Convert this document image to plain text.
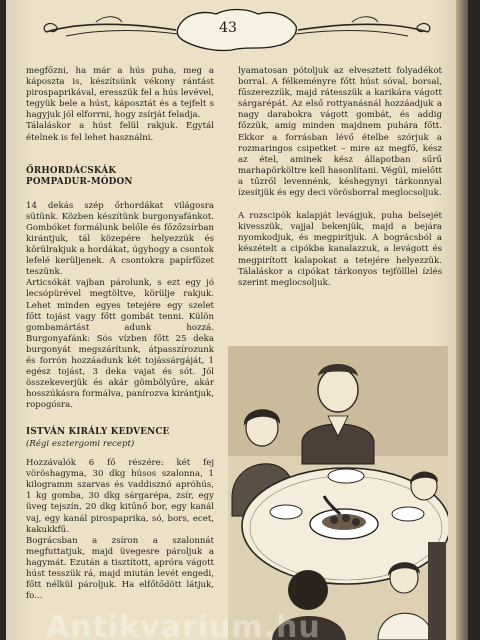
43

megfőzni, ha már a hús puha, meg a káposzta is, készítsünk vékony rántást pirospaprikával, eresszük fel a hús levével, tegyük bele a húst, káposztát és a tejfelt s hagyjuk jól elforrni, hogy zsírját feladja.

Tálaláskor a húst felül rakjuk. Egytál ételnek is fel lehet használni.

ŐRHORDÁCSKÁK
POMPADUR-MÓDON

14 dekás szép őrhordákat világosra sütünk. Közben készítünk burgonyafánkot. Gombóket formálunk belőle és főzőzsírban kirántjuk, tál közepére helyezzük és körülrakjuk a hordákat, úgyhogy a csontok lefelé kerüljenek. A csontokra papírfözet teszünk.

Articsókát vajban párolunk, s ezt egy jó lecsópürével megtöltve, körülje rakjuk. Lehet minden egyes tetejére egy szelet főtt tojást vagy főtt gombát tenni. Külön gombamártást adunk hozzá. Burgonyafánk: Sós vízben főtt 25 deka burgonyát megszárítunk, átpasszírozunk és forrón hozzáadunk két tojássárgáját, 1 egész tojást, 3 deka vajat és sót. Jól összekeverjük és akár gömbölyűre, akár hosszúkásra formálva, panírozva kirántjuk, ropogósra.

ISTVÁN KIRÁLY KEDVENCE
(Régi esztergomi recept)

Hozzávalók 6 fő részére: két fej vöröshagyma, 30 dkg húsos szalonna, 1 kilogramm szarvas és vaddisznó apróhús, 1 kg gomba, 30 dkg sárgarépa, zsír, egy üveg tejszín, 20 dkg kitűnő bor, egy kanál vaj, egy kanál pirospaprika, só, bors, ecet, kakukkfű.

Bográcsban a zsíron a szalonnát megfuttatjuk, majd üvegesre pároljuk a hagymát. Ezután a tisztított, apróra vágott húst tesszük rá, majd miután levét engedi, főtt nélkül pároljuk. Ha elfőtődött látjuk, fo...

lyamatosan pótoljuk az elvesztett folyadékot borral. A félkeményre főtt húst sóval, borsal, fűszerezzük, majd rátesszük a karikára vágott sárgarépát. Az első rottyanásnál hozzáadjuk a nagy darabokra vágott gombát, és addig főzzük, amíg minden majdnem puhára főtt. Ekkor a forrásban lévő ételbe szórjuk a rozmaringos csipetket – mire az megfő, kész az étel, aminek kész állapotban sűrű marhapörköltre kell hasonlítani. Végül, mielőtt a tűzről levennénk, késhegynyi tárkonnyal ízesítjük és egy deci vörösborral meglocsoljuk.

A rozscipók kalapját levágjuk, puha belsejét kivesszük, vajjal bekenjük, majd a bejára nyomkodjuk, és megpirítjuk. A bográcsból a készételt a cipókba kanalazzuk, a levágott és megpirított kalapokat a tetejére helyezzük. Tálaláskor a cipókat tárkonyos tejfölllel ízlés szerint meglocsoljuk.

Antikvarium.hu
